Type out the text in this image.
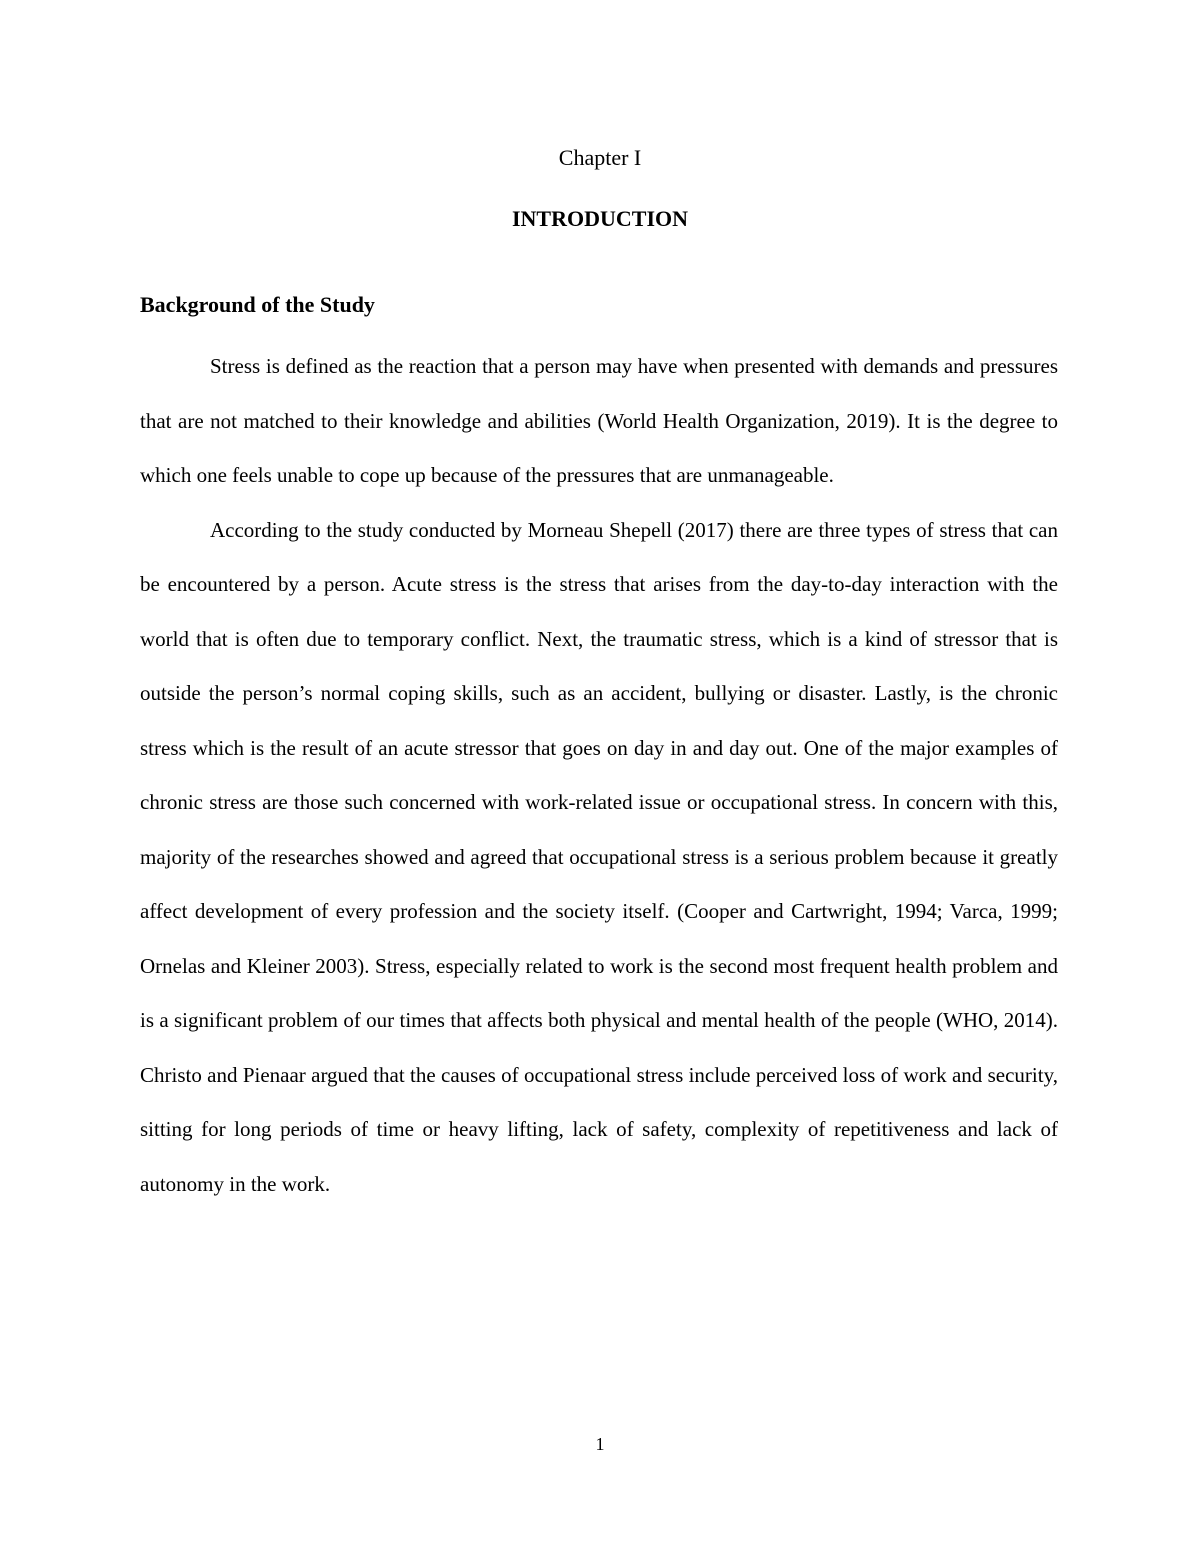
Chapter I
INTRODUCTION
Background of the Study

Stress is defined as the reaction that a person may have when presented with demands and pressures that are not matched to their knowledge and abilities (World Health Organization, 2019). It is the degree to which one feels unable to cope up because of the pressures that are unmanageable.

According to the study conducted by Morneau Shepell (2017) there are three types of stress that can be encountered by a person. Acute stress is the stress that arises from the day-to-day interaction with the world that is often due to temporary conflict. Next, the traumatic stress, which is a kind of stressor that is outside the person’s normal coping skills, such as an accident, bullying or disaster. Lastly, is the chronic stress which is the result of an acute stressor that goes on day in and day out. One of the major examples of chronic stress are those such concerned with work-related issue or occupational stress. In concern with this, majority of the researches showed and agreed that occupational stress is a serious problem because it greatly affect development of every profession and the society itself. (Cooper and Cartwright, 1994; Varca, 1999; Ornelas and Kleiner 2003). Stress, especially related to work is the second most frequent health problem and is a significant problem of our times that affects both physical and mental health of the people (WHO, 2014). Christo and Pienaar argued that the causes of occupational stress include perceived loss of work and security, sitting for long periods of time or heavy lifting, lack of safety, complexity of repetitiveness and lack of autonomy in the work.

1
